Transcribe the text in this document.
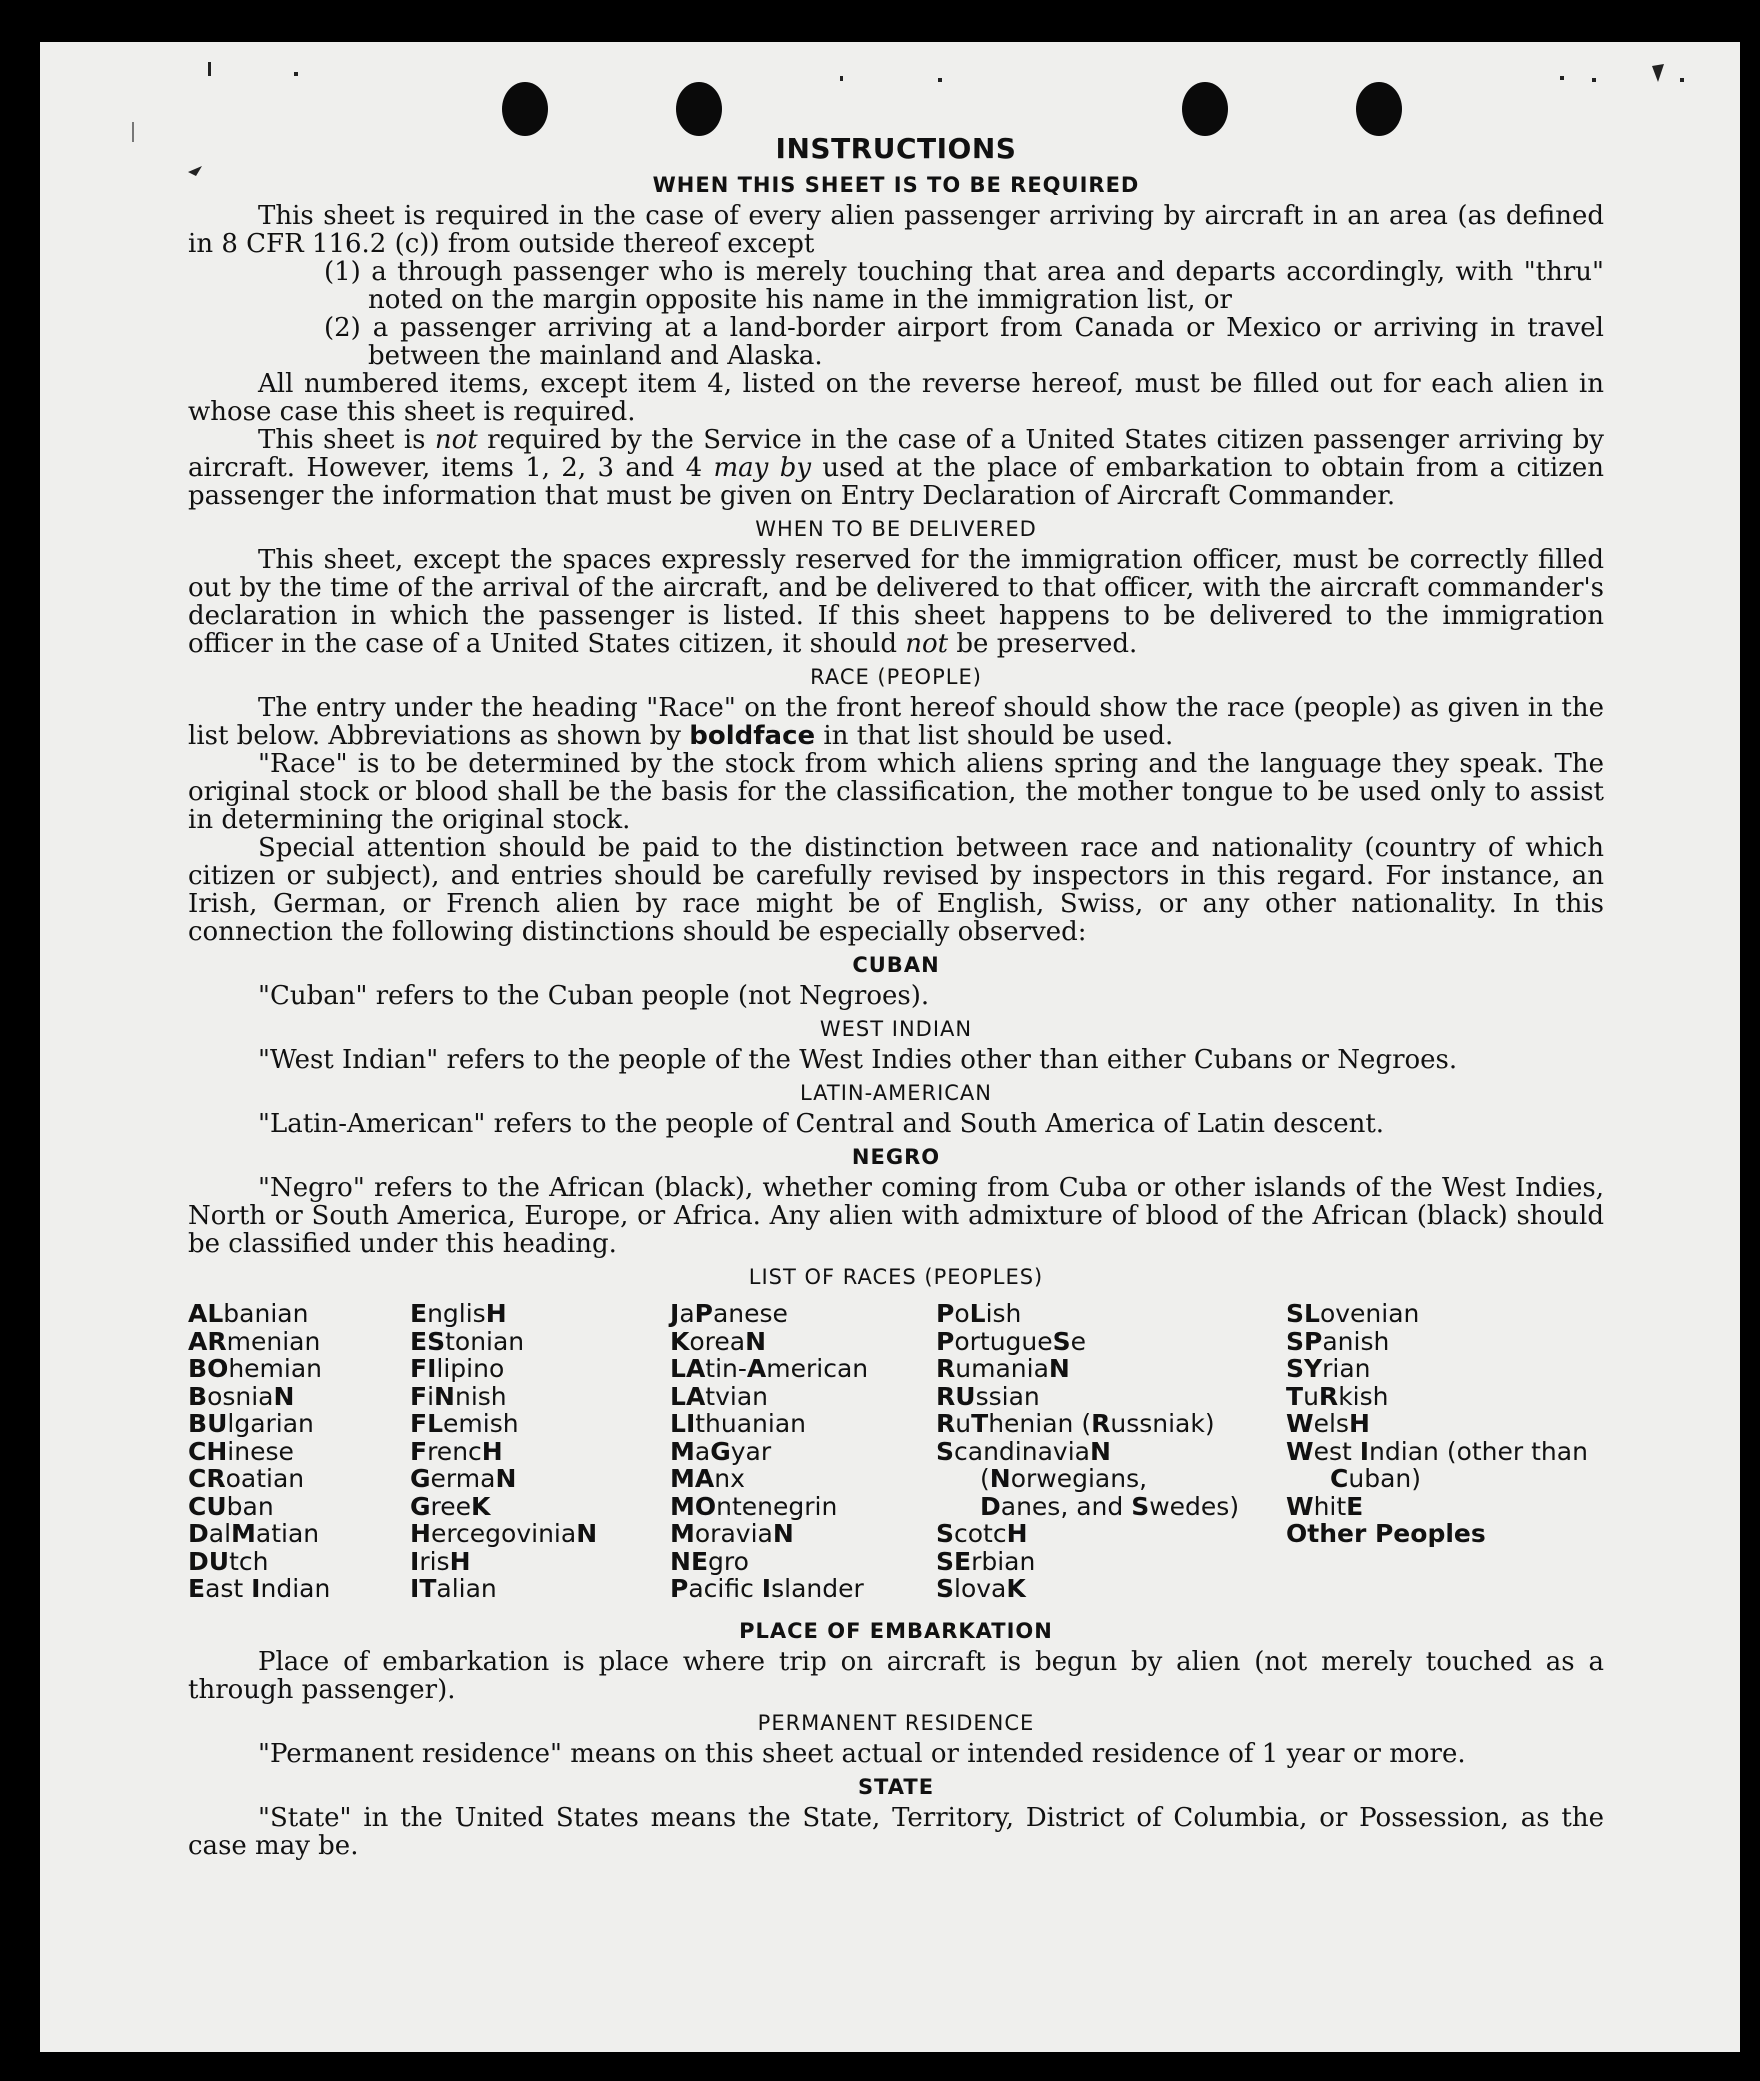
INSTRUCTIONS
WHEN THIS SHEET IS TO BE REQUIRED

This sheet is required in the case of every alien passenger arriving by aircraft in an area (as defined in 8 CFR 116.2 (c)) from outside thereof except

(1) a through passenger who is merely touching that area and departs accordingly, with "thru" noted on the margin opposite his name in the immigration list, or
(2) a passenger arriving at a land-border airport from Canada or Mexico or arriving in travel between the mainland and Alaska.

All numbered items, except item 4, listed on the reverse hereof, must be filled out for each alien in whose case this sheet is required.

This sheet is not required by the Service in the case of a United States citizen passenger arriving by aircraft. However, items 1, 2, 3 and 4 may by used at the place of embarkation to obtain from a citizen passenger the information that must be given on Entry Declaration of Aircraft Commander.

WHEN TO BE DELIVERED

This sheet, except the spaces expressly reserved for the immigration officer, must be correctly filled out by the time of the arrival of the aircraft, and be delivered to that officer, with the aircraft commander's declaration in which the passenger is listed. If this sheet happens to be delivered to the immigration officer in the case of a United States citizen, it should not be preserved.

RACE (PEOPLE)

The entry under the heading "Race" on the front hereof should show the race (people) as given in the list below. Abbreviations as shown by boldface in that list should be used.

"Race" is to be determined by the stock from which aliens spring and the language they speak. The original stock or blood shall be the basis for the classification, the mother tongue to be used only to assist in determining the original stock.

Special attention should be paid to the distinction between race and nationality (country of which citizen or subject), and entries should be carefully revised by inspectors in this regard. For instance, an Irish, German, or French alien by race might be of English, Swiss, or any other nationality. In this connection the following distinctions should be especially observed:

CUBAN

"Cuban" refers to the Cuban people (not Negroes).

WEST INDIAN

"West Indian" refers to the people of the West Indies other than either Cubans or Negroes.

LATIN-AMERICAN

"Latin-American" refers to the people of Central and South America of Latin descent.

NEGRO

"Negro" refers to the African (black), whether coming from Cuba or other islands of the West Indies, North or South America, Europe, or Africa. Any alien with admixture of blood of the African (black) should be classified under this heading.

LIST OF RACES (PEOPLES)
ALbanian
ARmenian
BOhemian
BosniaN
BUlgarian
CHinese
CRoatian
CUban
DalMatian
DUtch
East Indian
EnglisH
EStonian
FIlipino
FiNnish
FLemish
FrencH
GermaN
GreeK
HercegoviniaN
IrisH
ITalian
JaPanese
KoreaN
LAtin-American
LAtvian
LIthuanian
MaGyar
MAnx
MOntenegrin
MoraviaN
NEgro
Pacific Islander
PoLish
PortugueSe
RumaniaN
RUssian
RuThenian (Russniak)
ScandinaviaN (Norwegians, Danes, and Swedes)
ScotcH
SErbian
SlovaK
SLovenian
SPanish
SYrian
TuRkish
WelsH
West Indian (other than Cuban)
WhitE
Other Peoples
PLACE OF EMBARKATION

Place of embarkation is place where trip on aircraft is begun by alien (not merely touched as a through passenger).

PERMANENT RESIDENCE

"Permanent residence" means on this sheet actual or intended residence of 1 year or more.

STATE

"State" in the United States means the State, Territory, District of Columbia, or Possession, as the case may be.
